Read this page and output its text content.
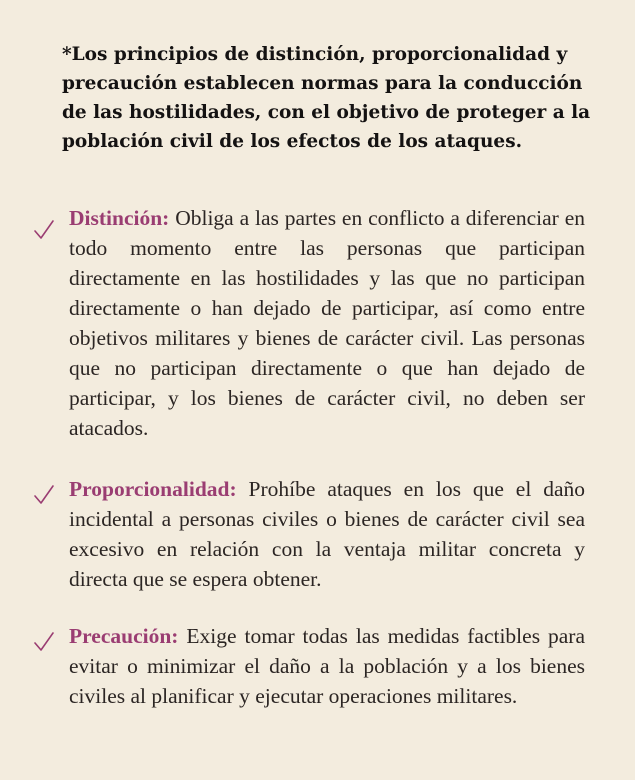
*Los principios de distinción, proporcionalidad y precaución establecen normas para la conducción de las hostilidades, con el objetivo de proteger a la población civil de los efectos de los ataques.

Distinción: Obliga a las partes en conflicto a diferenciar en todo momento entre las personas que participan directamente en las hostilidades y las que no participan directamente o han dejado de participar, así como entre objetivos militares y bienes de carácter civil. Las personas que no participan directamente o que han dejado de participar, y los bienes de carácter civil, no deben ser atacados.

Proporcionalidad: Prohíbe ataques en los que el daño incidental a personas civiles o bienes de carácter civil sea excesivo en relación con la ventaja militar concreta y directa que se espera obtener.

Precaución: Exige tomar todas las medidas factibles para evitar o minimizar el daño a la población y a los bienes civiles al planificar y ejecutar operaciones militares.
